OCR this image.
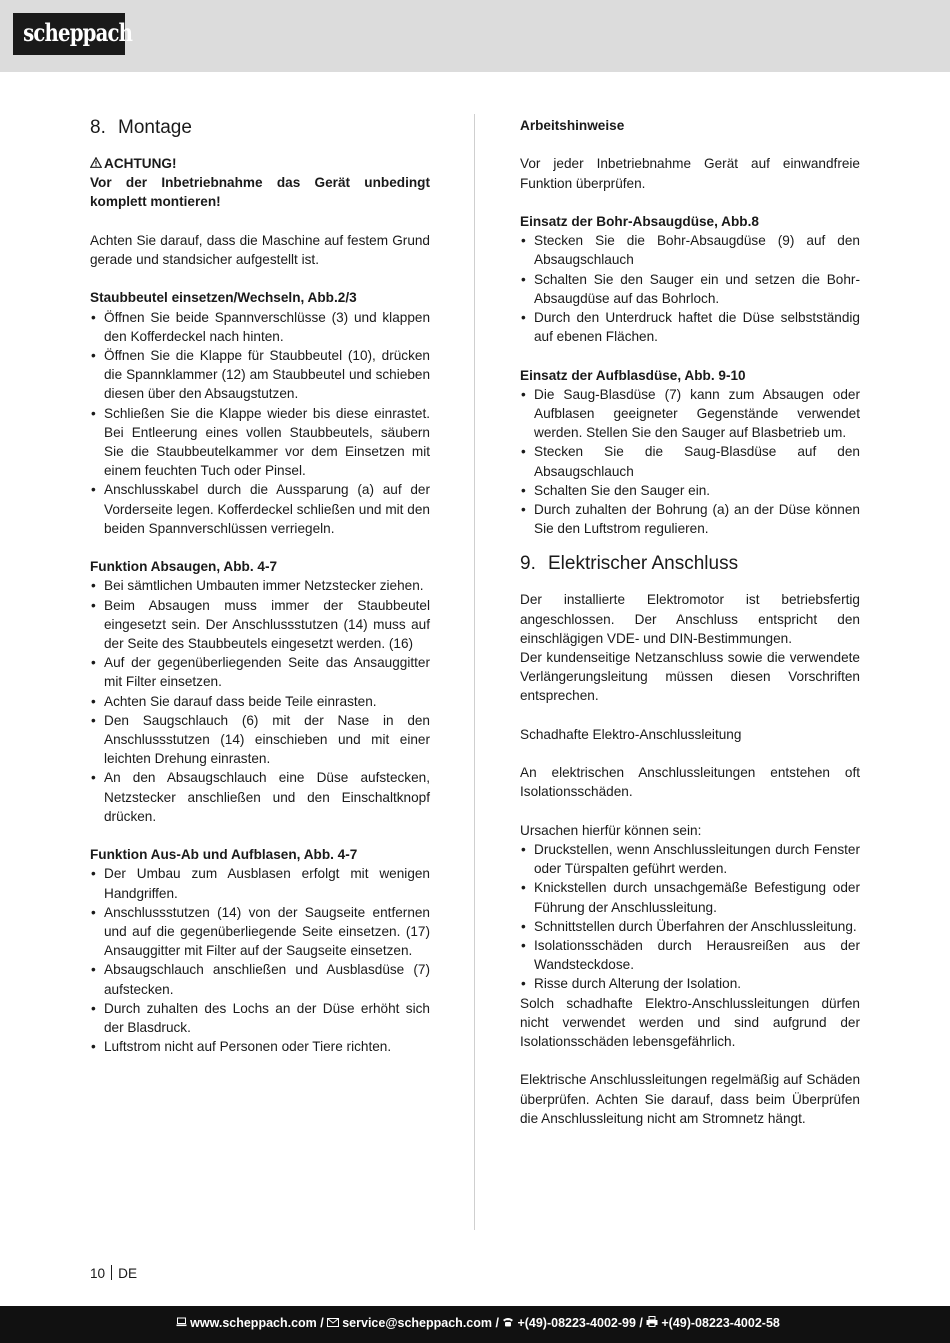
scheppach
8. Montage

ACHTUNG!

Vor der Inbetriebnahme das Gerät unbedingt komplett montieren!

Achten Sie darauf, dass die Maschine auf festem Grund gerade und standsicher aufgestellt ist.

Staubbeutel einsetzen/Wechseln, Abb.2/3
• Öffnen Sie beide Spannverschlüsse (3) und klappen den Kofferdeckel nach hinten.
• Öffnen Sie die Klappe für Staubbeutel (10), drücken die Spannklammer (12) am Staubbeutel und schieben diesen über den Absaugstutzen.
• Schließen Sie die Klappe wieder bis diese einrastet. Bei Entleerung eines vollen Staubbeutels, säubern Sie die Staubbeutelkammer vor dem Einsetzen mit einem feuchten Tuch oder Pinsel.
• Anschlusskabel durch die Aussparung (a) auf der Vorderseite legen. Kofferdeckel schließen und mit den beiden Spannverschlüssen verriegeln.
Funktion Absaugen, Abb. 4-7
• Bei sämtlichen Umbauten immer Netzstecker ziehen.
• Beim Absaugen muss immer der Staubbeutel eingesetzt sein. Der Anschlussstutzen (14) muss auf der Seite des Staubbeutels eingesetzt werden. (16)
• Auf der gegenüberliegenden Seite das Ansauggitter mit Filter einsetzen.
• Achten Sie darauf dass beide Teile einrasten.
• Den Saugschlauch (6) mit der Nase in den Anschlussstutzen (14) einschieben und mit einer leichten Drehung einrasten.
• An den Absaugschlauch eine Düse aufstecken, Netzstecker anschließen und den Einschaltknopf drücken.
Funktion Aus-Ab und Aufblasen, Abb. 4-7
• Der Umbau zum Ausblasen erfolgt mit wenigen Handgriffen.
• Anschlussstutzen (14) von der Saugseite entfernen und auf die gegenüberliegende Seite einsetzen. (17) Ansauggitter mit Filter auf der Saugseite einsetzen.
• Absaugschlauch anschließen und Ausblasdüse (7) aufstecken.
• Durch zuhalten des Lochs an der Düse erhöht sich der Blasdruck.
• Luftstrom nicht auf Personen oder Tiere richten.
Arbeitshinweise

Vor jeder Inbetriebnahme Gerät auf einwandfreie Funktion überprüfen.

Einsatz der Bohr-Absaugdüse, Abb.8
• Stecken Sie die Bohr-Absaugdüse (9) auf den Absaugschlauch
• Schalten Sie den Sauger ein und setzen die Bohr-Absaugdüse auf das Bohrloch.
• Durch den Unterdruck haftet die Düse selbstständig auf ebenen Flächen.
Einsatz der Aufblasdüse, Abb. 9-10
• Die Saug-Blasdüse (7) kann zum Absaugen oder Aufblasen geeigneter Gegenstände verwendet werden. Stellen Sie den Sauger auf Blasbetrieb um.
• Stecken Sie die Saug-Blasdüse auf den Absaugschlauch
• Schalten Sie den Sauger ein.
• Durch zuhalten der Bohrung (a) an der Düse können Sie den Luftstrom regulieren.
9. Elektrischer Anschluss

Der installierte Elektromotor ist betriebsfertig angeschlossen. Der Anschluss entspricht den einschlägigen VDE- und DIN-Bestimmungen.

Der kundenseitige Netzanschluss sowie die verwendete Verlängerungsleitung müssen diesen Vorschriften entsprechen.

Schadhafte Elektro-Anschlussleitung

An elektrischen Anschlussleitungen entstehen oft Isolationsschäden.

Ursachen hierfür können sein:

• Druckstellen, wenn Anschlussleitungen durch Fenster oder Türspalten geführt werden.
• Knickstellen durch unsachgemäße Befestigung oder Führung der Anschlussleitung.
• Schnittstellen durch Überfahren der Anschlussleitung.
• Isolationsschäden durch Herausreißen aus der Wandsteckdose.
• Risse durch Alterung der Isolation.

Solch schadhafte Elektro-Anschlussleitungen dürfen nicht verwendet werden und sind aufgrund der Isolationsschäden lebensgefährlich.

Elektrische Anschlussleitungen regelmäßig auf Schäden überprüfen. Achten Sie darauf, dass beim Überprüfen die Anschlussleitung nicht am Stromnetz hängt.

10 DE
www.scheppach.com / service@scheppach.com / +(49)-08223-4002-99 / +(49)-08223-4002-58
